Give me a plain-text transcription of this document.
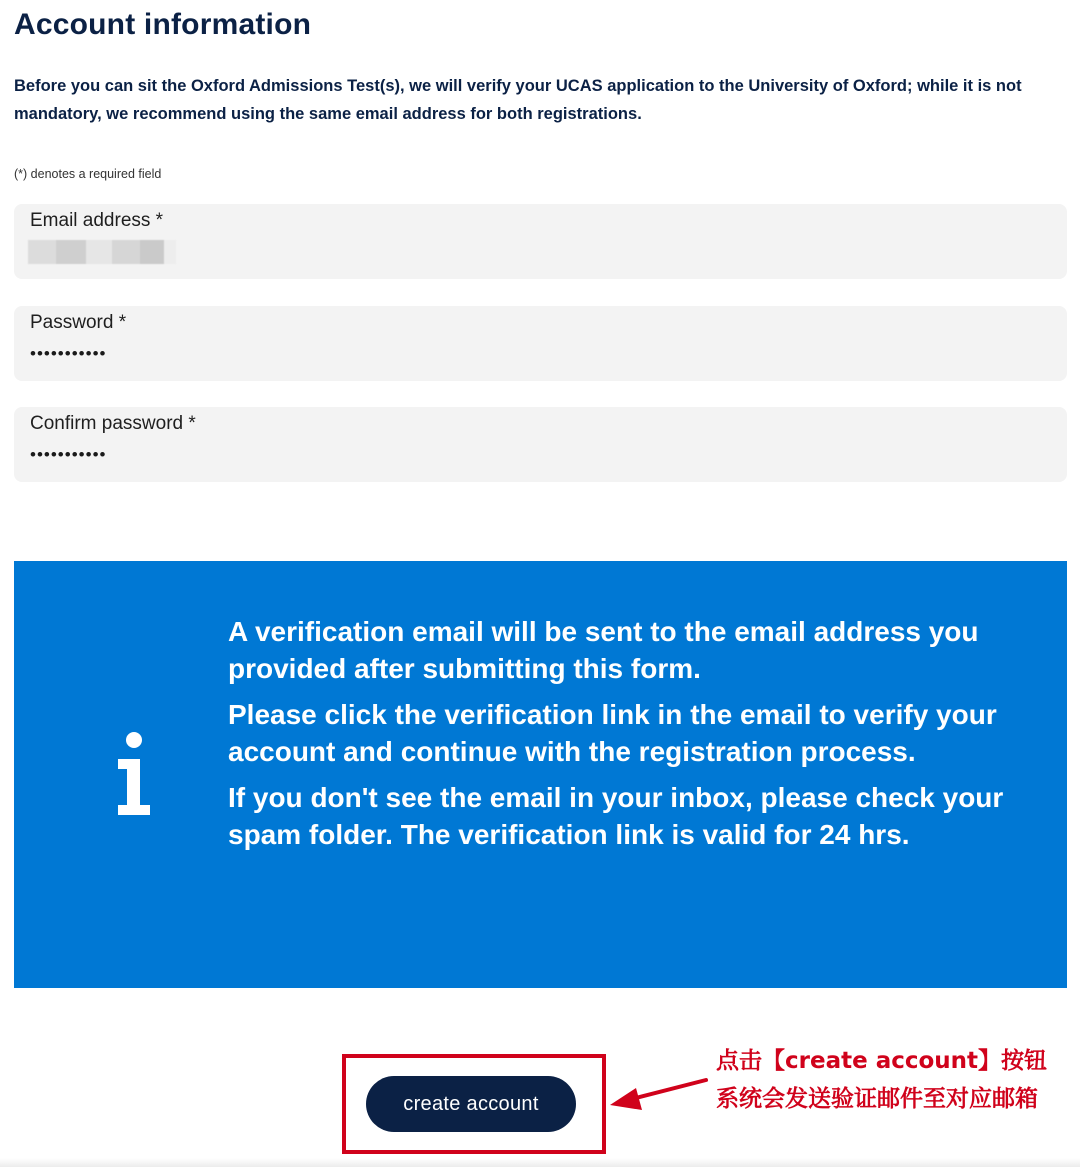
Account information

Before you can sit the Oxford Admissions Test(s), we will verify your UCAS application to the University of Oxford; while it is not mandatory, we recommend using the same email address for both registrations.

(*) denotes a required field

Email address *
Password *
•••••••••••
Confirm password *
•••••••••••

A verification email will be sent to the email address you provided after submitting this form.

Please click the verification link in the email to verify your account and continue with the registration process.

If you don't see the email in your inbox, please check your spam folder. The verification link is valid for 24 hrs.

create account
点击【create account】按钮
系统会发送验证邮件至对应邮箱
